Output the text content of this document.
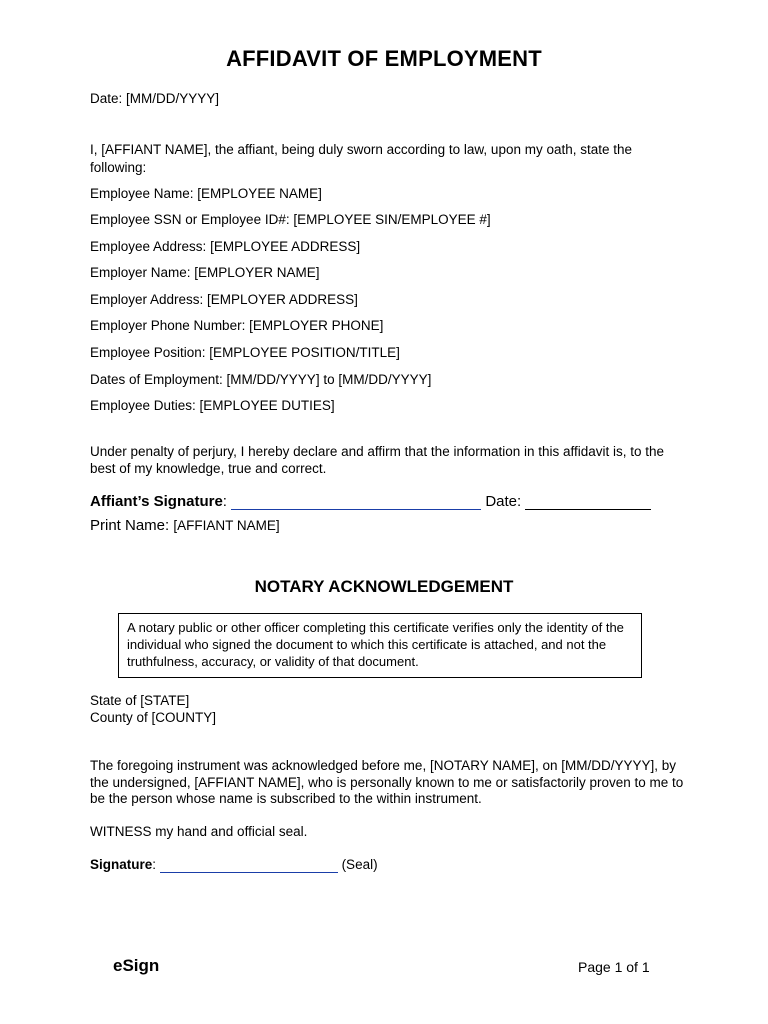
AFFIDAVIT OF EMPLOYMENT
Date: [MM/DD/YYYY]
I, [AFFIANT NAME], the affiant, being duly sworn according to law, upon my oath, state the following:
Employee Name: [EMPLOYEE NAME]
Employee SSN or Employee ID#: [EMPLOYEE SIN/EMPLOYEE #]
Employee Address: [EMPLOYEE ADDRESS]
Employer Name: [EMPLOYER NAME]
Employer Address: [EMPLOYER ADDRESS]
Employer Phone Number: [EMPLOYER PHONE]
Employee Position: [EMPLOYEE POSITION/TITLE]
Dates of Employment: [MM/DD/YYYY] to [MM/DD/YYYY]
Employee Duties: [EMPLOYEE DUTIES]
Under penalty of perjury, I hereby declare and affirm that the information in this affidavit is, to the best of my knowledge, true and correct.
Affiant’s Signature:	Date:
Print Name: [AFFIANT NAME]
NOTARY ACKNOWLEDGEMENT
A notary public or other officer completing this certificate verifies only the identity of the individual who signed the document to which this certificate is attached, and not the truthfulness, accuracy, or validity of that document.
State of [STATE]
County of [COUNTY]
The foregoing instrument was acknowledged before me, [NOTARY NAME], on [MM/DD/YYYY], by the undersigned, [AFFIANT NAME], who is personally known to me or satisfactorily proven to me to be the person whose name is subscribed to the within instrument.
WITNESS my hand and official seal.
Signature:	(Seal)
eSign	Page 1 of 1
